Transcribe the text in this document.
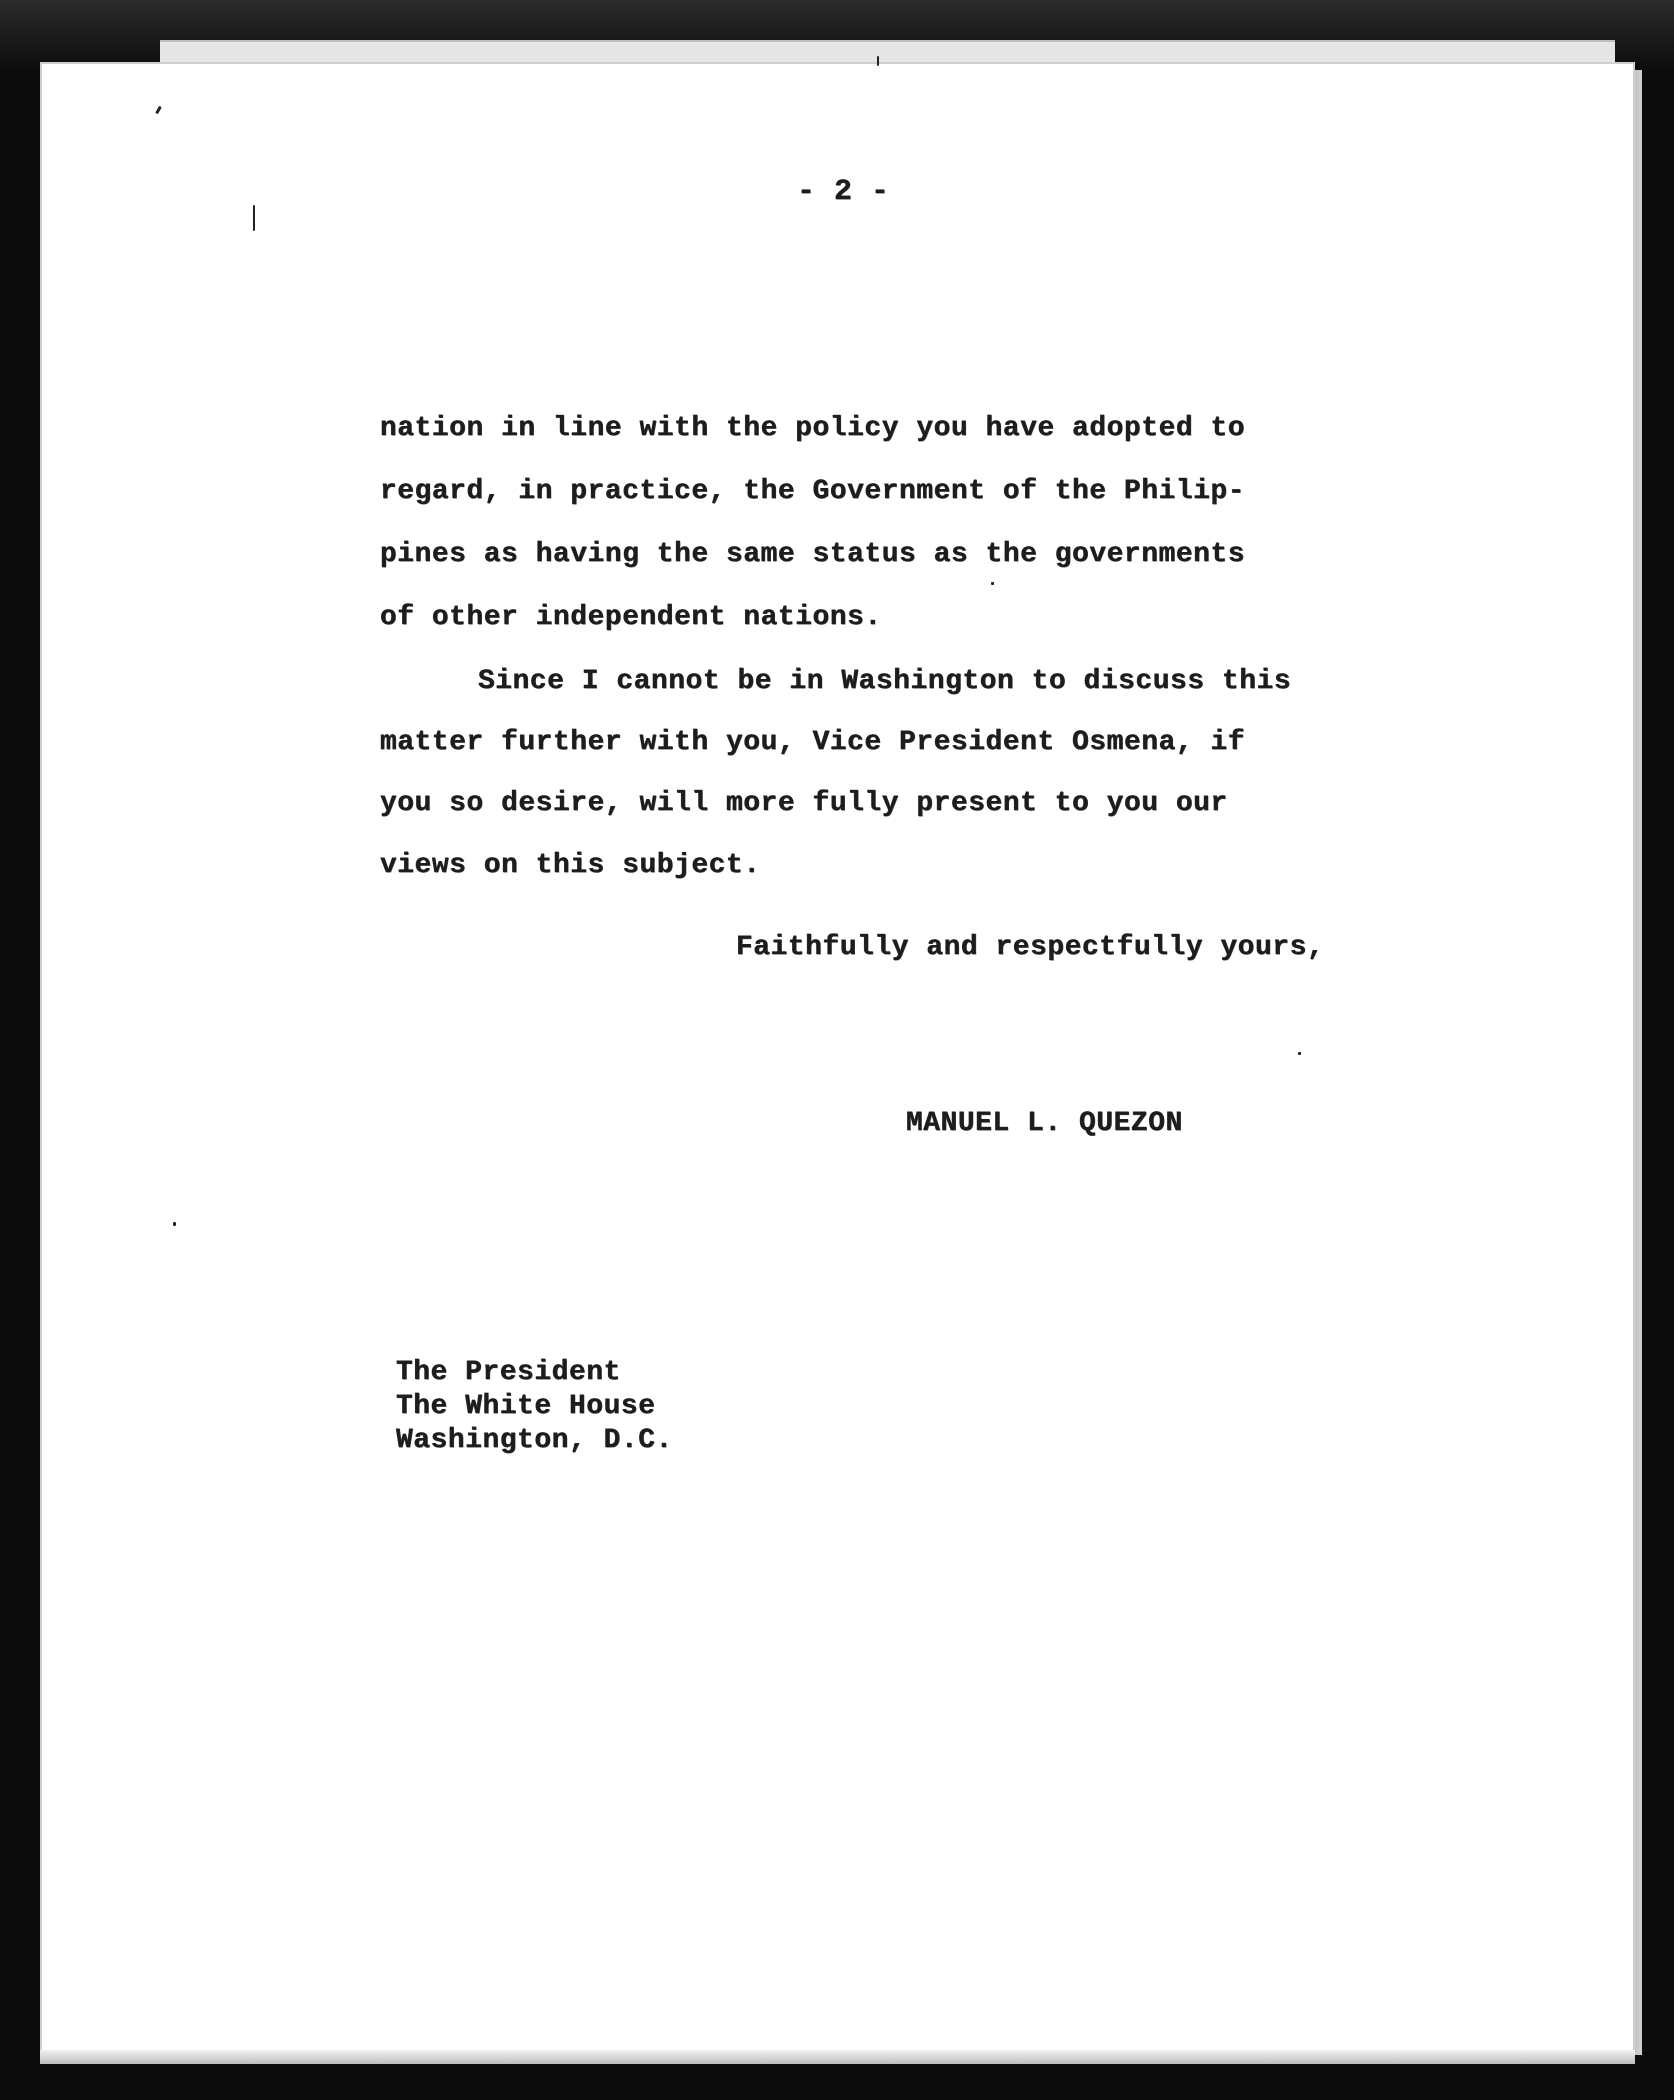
- 2 -
nation in line with the policy you have adopted to
regard, in practice, the Government of the Philip-
pines as having the same status as the governments
of other independent nations.
Since I cannot be in Washington to discuss this
matter further with you, Vice President Osmena, if
you so desire, will more fully present to you our
views on this subject.
Faithfully and respectfully yours,
MANUEL L. QUEZON
The President
The White House
Washington, D.C.
